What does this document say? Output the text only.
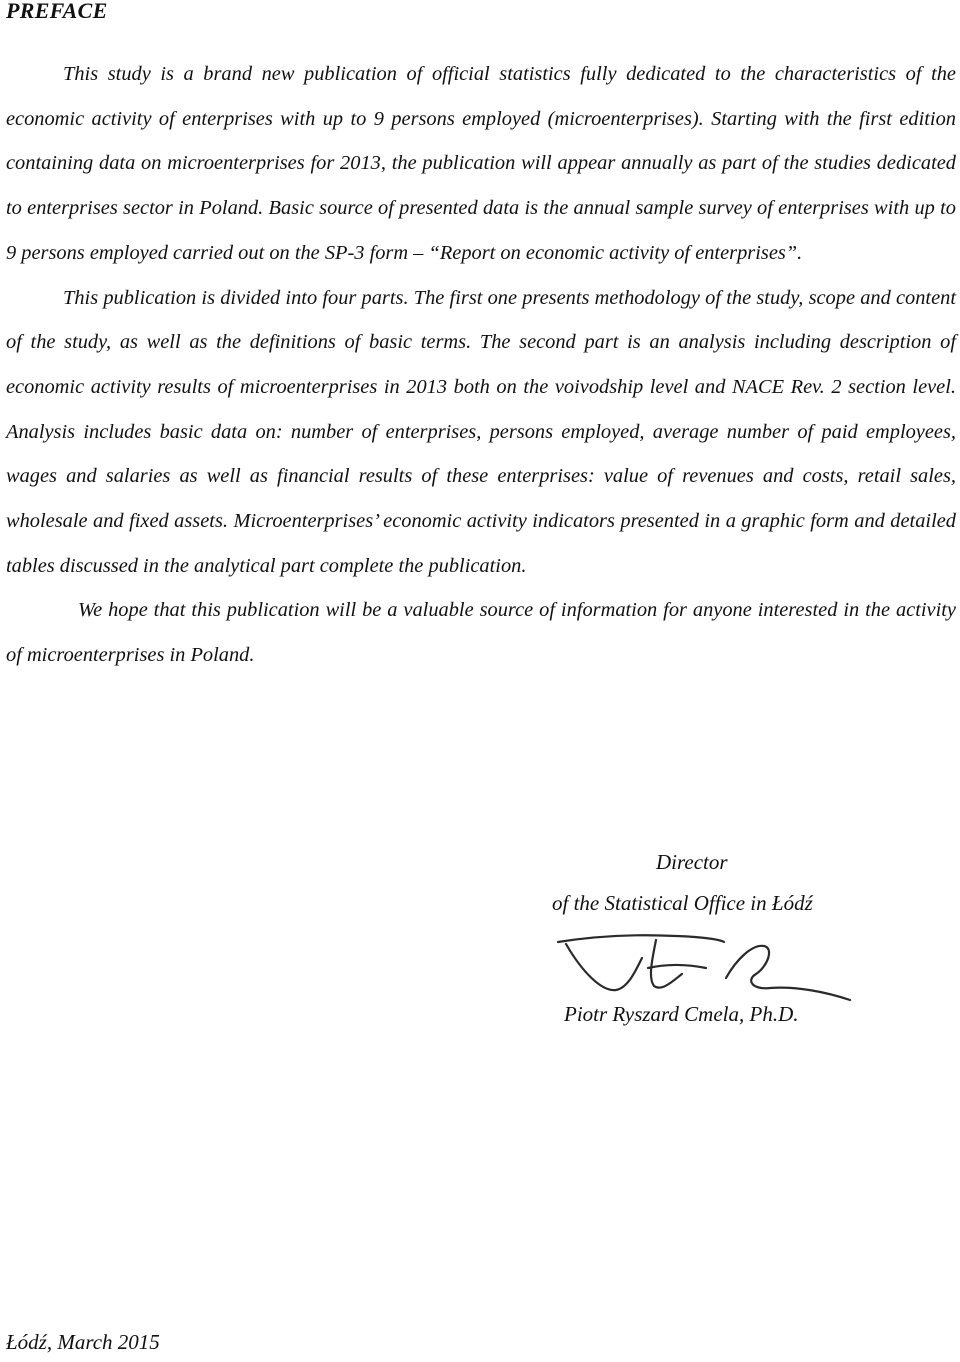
PREFACE

This study is a brand new publication of official statistics fully dedicated to the characteristics of the economic activity of enterprises with up to 9 persons employed (microenterprises). Starting with the first edition containing data on microenterprises for 2013, the publication will appear annually as part of the studies dedicated to enterprises sector in Poland. Basic source of presented data is the annual sample survey of enterprises with up to 9 persons employed carried out on the SP-3 form – “Report on economic activity of enterprises”.

This publication is divided into four parts. The first one presents methodology of the study, scope and content of the study, as well as the definitions of basic terms. The second part is an analysis including description of economic activity results of microenterprises in 2013 both on the voivodship level and NACE Rev. 2 section level. Analysis includes basic data on: number of enterprises, persons employed, average number of paid employees, wages and salaries as well as financial results of these enterprises: value of revenues and costs, retail sales, wholesale and fixed assets. Microenterprises’ economic activity indicators presented in a graphic form and detailed tables discussed in the analytical part complete the publication.

We hope that this publication will be a valuable source of information for anyone interested in the activity of microenterprises in Poland.

Director
of the Statistical Office in Łódź
Piotr Ryszard Cmela, Ph.D.
Łódź, March 2015
